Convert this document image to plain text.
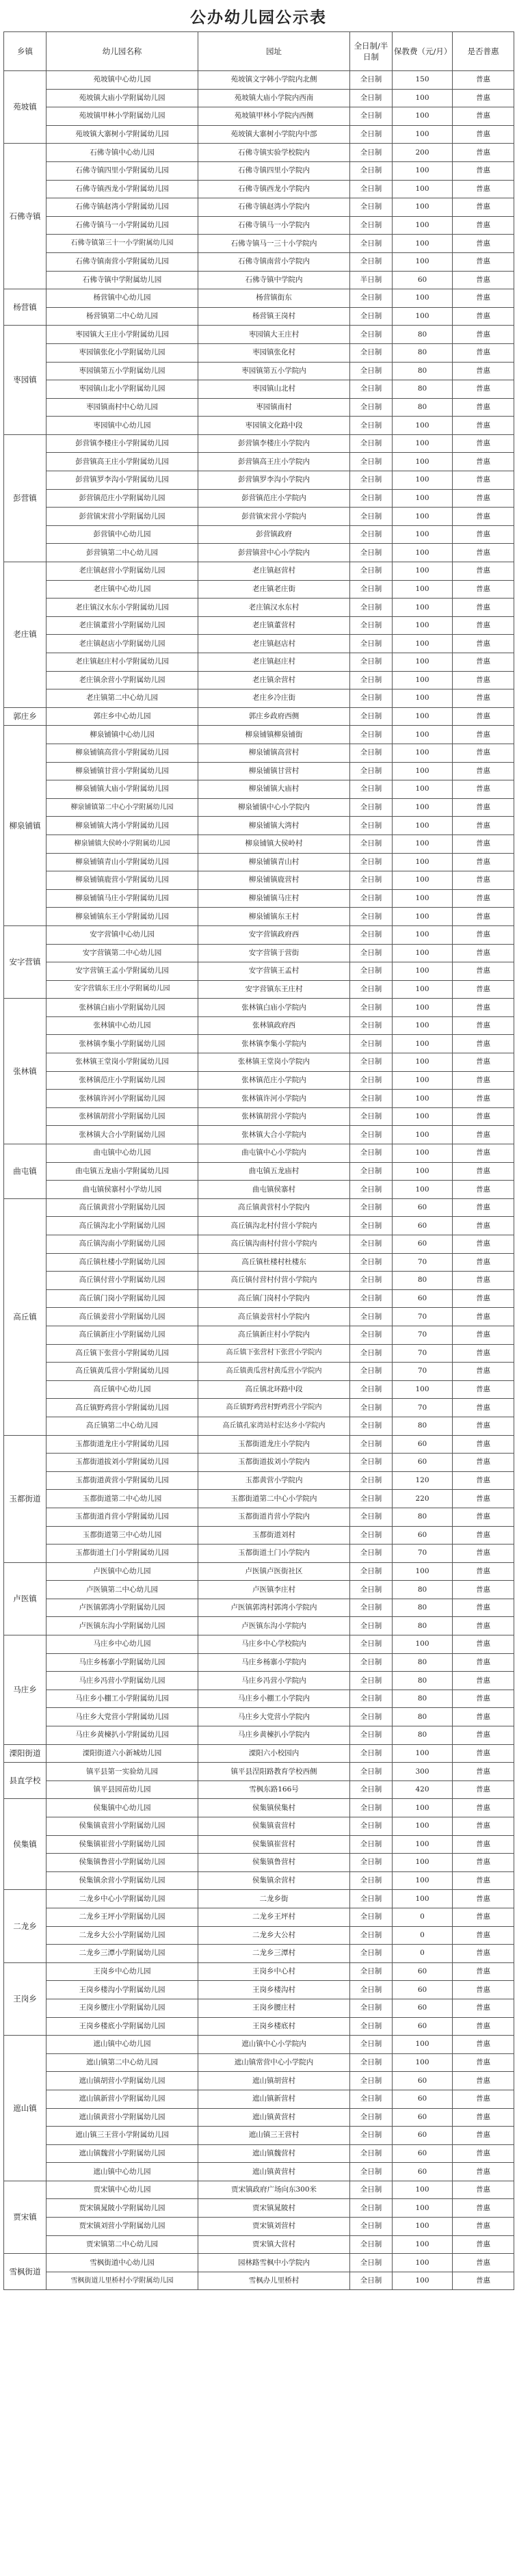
公办幼儿园公示表
乡镇	幼儿园名称	园址	全日制/半日制	保教费（元/月）	是否普惠
苑坡镇	苑坡镇中心幼儿园	苑坡镇文字韩小学院内北侧	全日制	150	普惠
	苑坡镇大庙小学附属幼儿园	苑坡镇大庙小学院内西南	全日制	100	普惠
	苑坡镇甲林小学附属幼儿园	苑坡镇甲林小学院内西侧	全日制	100	普惠
	苑坡镇大寨树小学附属幼儿园	苑坡镇大寨树小学院内中部	全日制	100	普惠
石佛寺镇	石佛寺镇中心幼儿园	石佛寺镇实验学校院内	全日制	200	普惠
	石佛寺镇四里小学附属幼儿园	石佛寺镇四里小学院内	全日制	100	普惠
	石佛寺镇西龙小学附属幼儿园	石佛寺镇西龙小学院内	全日制	100	普惠
	石佛寺镇赵湾小学附属幼儿园	石佛寺镇赵湾小学院内	全日制	100	普惠
	石佛寺镇马一小学附属幼儿园	石佛寺镇马一小学院内	全日制	100	普惠
	石佛寺镇第三十一小学附属幼儿园	石佛寺镇马一三十小学院内	全日制	100	普惠
	石佛寺镇南营小学附属幼儿园	石佛寺镇南营小学院内	全日制	100	普惠
	石佛寺镇中学附属幼儿园	石佛寺镇中学院内	半日制	60	普惠
杨营镇	杨营镇中心幼儿园	杨营镇街东	全日制	100	普惠
	杨营镇第二中心幼儿园	杨营镇王岗村	全日制	100	普惠
枣园镇	枣园镇大王庄小学附属幼儿园	枣园镇大王庄村	全日制	80	普惠
	枣园镇张化小学附属幼儿园	枣园镇张化村	全日制	80	普惠
	枣园镇第五小学附属幼儿园	枣园镇第五小学院内	全日制	80	普惠
	枣园镇山北小学附属幼儿园	枣园镇山北村	全日制	80	普惠
	枣园镇南村中心幼儿园	枣园镇南村	全日制	80	普惠
	枣园镇中心幼儿园	枣园镇文化路中段	全日制	100	普惠
彭营镇	彭营镇李楼庄小学附属幼儿园	彭营镇李楼庄小学院内	全日制	100	普惠
	彭营镇高王庄小学附属幼儿园	彭营镇高王庄小学院内	全日制	100	普惠
	彭营镇罗李沟小学附属幼儿园	彭营镇罗李沟小学院内	全日制	100	普惠
	彭营镇范庄小学附属幼儿园	彭营镇范庄小学院内	全日制	100	普惠
	彭营镇宋营小学附属幼儿园	彭营镇宋营小学院内	全日制	100	普惠
	彭营镇中心幼儿园	彭营镇政府	全日制	100	普惠
	彭营镇第二中心幼儿园	彭营镇营中心小学院内	全日制	100	普惠
老庄镇	老庄镇赵营小学附属幼儿园	老庄镇赵营村	全日制	100	普惠
	老庄镇中心幼儿园	老庄镇老庄街	全日制	100	普惠
	老庄镇汉水东小学附属幼儿园	老庄镇汉水东村	全日制	100	普惠
	老庄镇董营小学附属幼儿园	老庄镇董营村	全日制	100	普惠
	老庄镇赵店小学附属幼儿园	老庄镇赵店村	全日制	100	普惠
	老庄镇赵庄村小学附属幼儿园	老庄镇赵庄村	全日制	100	普惠
	老庄镇余营小学附属幼儿园	老庄镇余营村	全日制	100	普惠
	老庄镇第二中心幼儿园	老庄乡冷庄街	全日制	100	普惠
郭庄乡	郭庄乡中心幼儿园	郭庄乡政府西侧	全日制	100	普惠
柳泉铺镇	柳泉铺镇中心幼儿园	柳泉铺镇柳泉铺街	全日制	100	普惠
	柳泉铺镇高营小学附属幼儿园	柳泉铺镇高营村	全日制	100	普惠
	柳泉铺镇甘营小学附属幼儿园	柳泉铺镇甘营村	全日制	100	普惠
	柳泉铺镇大庙小学附属幼儿园	柳泉铺镇大庙村	全日制	100	普惠
	柳泉铺镇第二中心小学附属幼儿园	柳泉铺镇中心小学院内	全日制	100	普惠
	柳泉铺镇大湾小学附属幼儿园	柳泉铺镇大湾村	全日制	100	普惠
	柳泉铺镇大侯岭小学附属幼儿园	柳泉铺镇大侯岭村	全日制	100	普惠
	柳泉铺镇青山小学附属幼儿园	柳泉铺镇青山村	全日制	100	普惠
	柳泉铺镇鹿营小学附属幼儿园	柳泉铺镇鹿营村	全日制	100	普惠
	柳泉铺镇马庄小学附属幼儿园	柳泉铺镇马庄村	全日制	100	普惠
	柳泉铺镇东王小学附属幼儿园	柳泉铺镇东王村	全日制	100	普惠
安字营镇	安字营镇中心幼儿园	安字营镇政府西	全日制	100	普惠
	安字营镇第二中心幼儿园	安字营镇于营街	全日制	100	普惠
	安字营镇王孟小学附属幼儿园	安字营镇王孟村	全日制	100	普惠
	安字营镇东王庄小学附属幼儿园	安字营镇东王庄村	全日制	100	普惠
张林镇	张林镇白庙小学附属幼儿园	张林镇白庙小学院内	全日制	100	普惠
	张林镇中心幼儿园	张林镇政府西	全日制	100	普惠
	张林镇李集小学附属幼儿园	张林镇李集小学院内	全日制	100	普惠
	张林镇王堂岗小学附属幼儿园	张林镇王堂岗小学院内	全日制	100	普惠
	张林镇范庄小学附属幼儿园	张林镇范庄小学院内	全日制	100	普惠
	张林镇许河小学附属幼儿园	张林镇许河小学院内	全日制	100	普惠
	张林镇胡营小学附属幼儿园	张林镇胡营小学院内	全日制	100	普惠
	张林镇大合小学附属幼儿园	张林镇大合小学院内	全日制	100	普惠
曲屯镇	曲屯镇中心幼儿园	曲屯镇中心小学院内	全日制	100	普惠
	曲屯镇五龙庙小学附属幼儿园	曲屯镇五龙庙村	全日制	100	普惠
	曲屯镇侯寨村小学幼儿园	曲屯镇侯寨村	全日制	100	普惠
高丘镇	高丘镇黄营小学附属幼儿园	高丘镇黄营村小学院内	全日制	60	普惠
	高丘镇沟北小学附属幼儿园	高丘镇沟北村付营小学院内	全日制	60	普惠
	高丘镇沟南小学附属幼儿园	高丘镇沟南村付营小学院内	全日制	60	普惠
	高丘镇杜楼小学附属幼儿园	高丘镇杜楼村杜楼东	全日制	70	普惠
	高丘镇付营小学附属幼儿园	高丘镇付营村付营小学院内	全日制	80	普惠
	高丘镇门岗小学附属幼儿园	高丘镇门岗村小学院内	全日制	60	普惠
	高丘镇姜营小学附属幼儿园	高丘镇姜营村小学院内	全日制	70	普惠
	高丘镇新庄小学附属幼儿园	高丘镇新庄村小学院内	全日制	70	普惠
	高丘镇下张营小学附属幼儿园	高丘镇下张营村下张营小学院内	全日制	70	普惠
	高丘镇黄瓜营小学附属幼儿园	高丘镇黄瓜营村黄瓜营小学院内	全日制	70	普惠
	高丘镇中心幼儿园	高丘镇北环路中段	全日制	100	普惠
	高丘镇野鸡营小学附属幼儿园	高丘镇野鸡营村野鸡营小学院内	全日制	70	普惠
	高丘镇第二中心幼儿园	高丘镇孔家湾站村宏达乡小学院内	全日制	80	普惠
玉都街道	玉都街道龙庄小学附属幼儿园	玉都街道龙庄小学院内	全日制	60	普惠
	玉都街道拔刘小学附属幼儿园	玉都街道拔刘小学院内	全日制	60	普惠
	玉都街道黄营小学附属幼儿园	玉都黄营小学院内	全日制	120	普惠
	玉都街道第二中心幼儿园	玉都街道第二中心小学院内	全日制	220	普惠
	玉都街道肖营小学附属幼儿园	玉都街道肖营小学院内	全日制	80	普惠
	玉都街道第三中心幼儿园	玉都街道刘村	全日制	60	普惠
	玉都街道土门小学附属幼儿园	玉都街道土门小学院内	全日制	70	普惠
卢医镇	卢医镇中心幼儿园	卢医镇卢医街社区	全日制	100	普惠
	卢医镇第二中心幼儿园	卢医镇李庄村	全日制	80	普惠
	卢医镇郭湾小学附属幼儿园	卢医镇郭湾村郭湾小学院内	全日制	80	普惠
	卢医镇东沟小学附属幼儿园	卢医镇东沟小学院内	全日制	80	普惠
马庄乡	马庄乡中心幼儿园	马庄乡中心学校院内	全日制	100	普惠
	马庄乡杨寨小学附属幼儿园	马庄乡杨寨小学院内	全日制	80	普惠
	马庄乡冯营小学附属幼儿园	马庄乡冯营小学院内	全日制	80	普惠
	马庄乡小棚工小学附属幼儿园	马庄乡小棚工小学院内	全日制	80	普惠
	马庄乡大党营小学附属幼儿园	马庄乡大党营小学院内	全日制	80	普惠
	马庄乡黄楝扒小学附属幼儿园	马庄乡黄楝扒小学院内	全日制	80	普惠
溧阳街道	溧阳街道六小新城幼儿园	溧阳六小校园内	全日制	100	普惠
县直学校	镇平县第一实验幼儿园	镇平县涅阳路教育学校西侧	全日制	300	普惠
	镇平县园苗幼儿园	雪枫东路166号	全日制	420	普惠
侯集镇	侯集镇中心幼儿园	侯集镇侯集村	全日制	100	普惠
	侯集镇袁营小学附属幼儿园	侯集镇袁营村	全日制	100	普惠
	侯集镇崔营小学附属幼儿园	侯集镇崔营村	全日制	100	普惠
	侯集镇鲁营小学附属幼儿园	侯集镇鲁营村	全日制	100	普惠
	侯集镇余营小学附属幼儿园	侯集镇余营村	全日制	100	普惠
二龙乡	二龙乡中心小学附属幼儿园	二龙乡街	全日制	100	普惠
	二龙乡王坪小学附属幼儿园	二龙乡王坪村	全日制	0	普惠
	二龙乡大公小学附属幼儿园	二龙乡大公村	全日制	0	普惠
	二龙乡三潭小学附属幼儿园	二龙乡三潭村	全日制	0	普惠
王岗乡	王岗乡中心幼儿园	王岗乡中心村	全日制	60	普惠
	王岗乡楼沟小学附属幼儿园	王岗乡楼沟村	全日制	60	普惠
	王岗乡腰庄小学附属幼儿园	王岗乡腰庄村	全日制	60	普惠
	王岗乡楼底小学附属幼儿园	王岗乡楼底村	全日制	60	普惠
遮山镇	遮山镇中心幼儿园	遮山镇中心小学院内	全日制	100	普惠
	遮山镇第二中心幼儿园	遮山镇常营中心小学院内	全日制	100	普惠
	遮山镇胡营小学附属幼儿园	遮山镇胡营村	全日制	60	普惠
	遮山镇新营小学附属幼儿园	遮山镇新营村	全日制	60	普惠
	遮山镇黄营小学附属幼儿园	遮山镇黄营村	全日制	60	普惠
	遮山镇三王营小学附属幼儿园	遮山镇三王营村	全日制	60	普惠
	遮山镇魏营小学附属幼儿园	遮山镇魏营村	全日制	60	普惠
	遮山镇中心幼儿园	遮山镇黄营村	全日制	60	普惠
贾宋镇	贾宋镇中心幼儿园	贾宋镇政府广场向东300米	全日制	100	普惠
	贾宋镇晁陂小学附属幼儿园	贾宋镇晁陂村	全日制	100	普惠
	贾宋镇刘营小学附属幼儿园	贾宋镇刘营村	全日制	100	普惠
	贾宋镇第二中心幼儿园	贾宋镇大营村	全日制	100	普惠
雪枫街道	雪枫街道中心幼儿园	园林路雪枫中小学院内	全日制	100	普惠
	雪枫街道儿里桥村小学附属幼儿园	雪枫办儿里桥村	全日制	100	普惠
